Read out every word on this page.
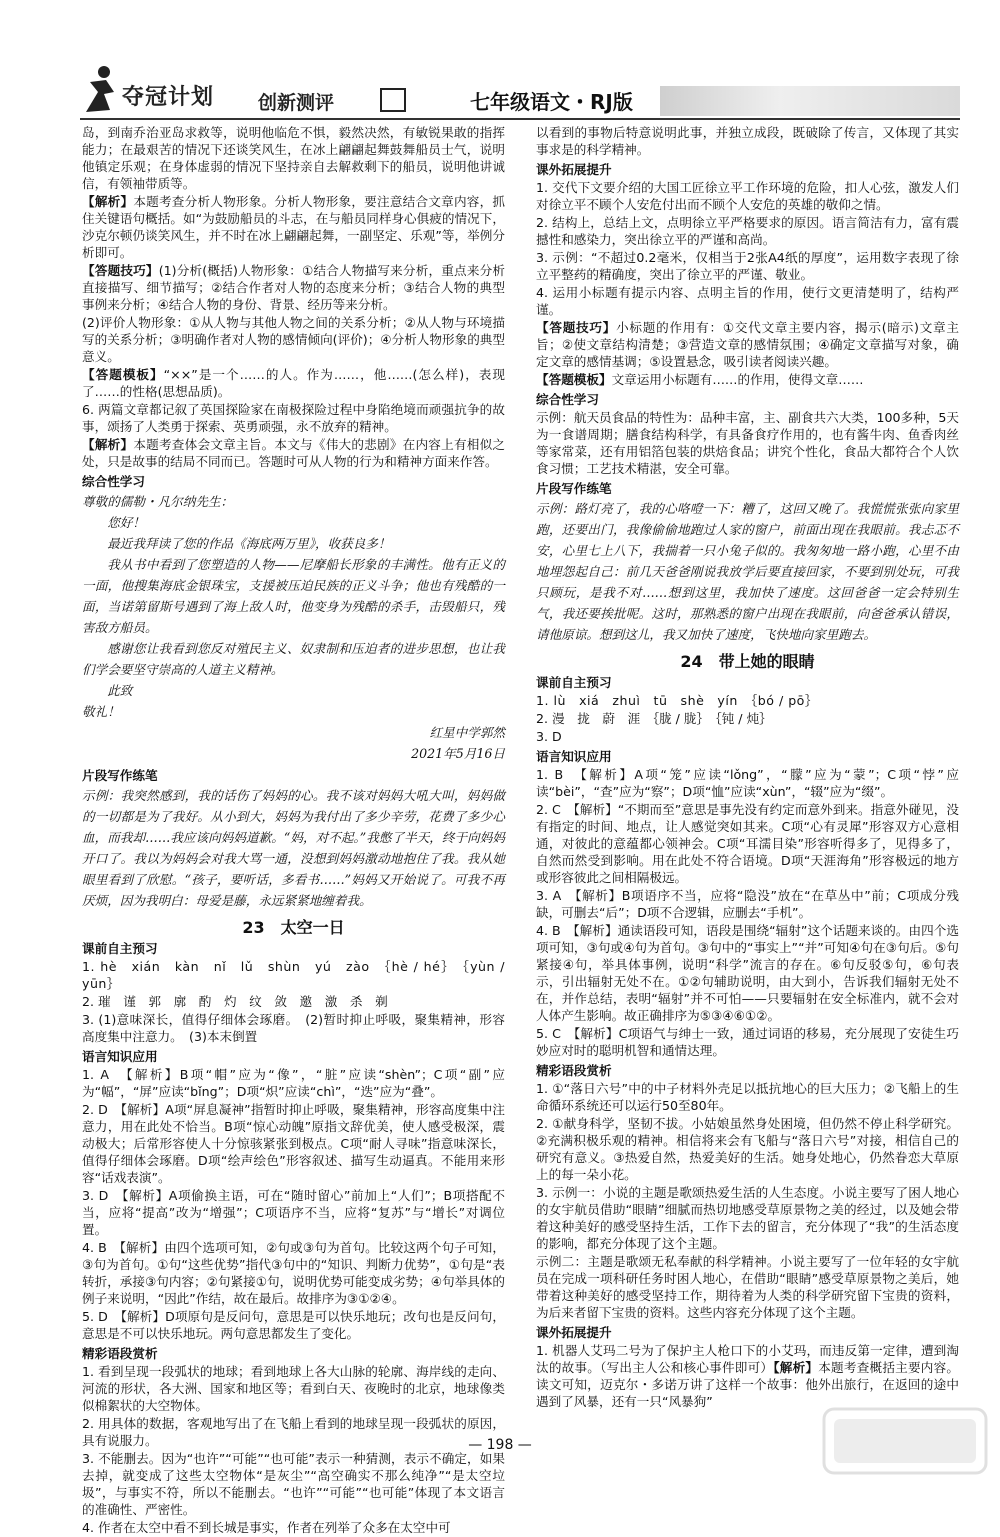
夺冠计划 创新测评	七年级语文・RJ版

岛，到南乔治亚岛求救等，说明他临危不惧，毅然决然，有敏锐果敢的指挥能力；在最艰苦的情况下还谈笑风生，在冰上翩翩起舞鼓舞船员士气，说明他镇定乐观；在身体虚弱的情况下坚持亲自去解救剩下的船员，说明他讲诚信，有领袖带质等。

【解析】本题考查分析人物形象。分析人物形象，要注意结合文章内容，抓住关键语句概括。如“为鼓励船员的斗志，在与船员同样身心俱疲的情况下，沙克尔顿仍谈笑风生，并不时在冰上翩翩起舞，一副坚定、乐观”等，举例分析即可。

【答题技巧】(1)分析(概括)人物形象：①结合人物描写来分析，重点来分析直接描写、细节描写；②结合作者对人物的态度来分析；③结合人物的典型事例来分析；④结合人物的身份、背景、经历等来分析。

(2)评价人物形象：①从人物与其他人物之间的关系分析；②从人物与环境描写的关系分析；③明确作者对人物的感情倾向(评价)；④分析人物形象的典型意义。

【答题模板】“××”是一个……的人。作为……，他……(怎么样)，表现了……的性格(思想品质)。

6. 两篇文章都记叙了英国探险家在南极探险过程中身陷绝境而顽强抗争的故事，颂扬了人类勇于探索、英勇顽强，永不放弃的精神。

【解析】本题考查体会文章主旨。本文与《伟大的悲剧》在内容上有相似之处，只是故事的结局不同而已。答题时可从人物的行为和精神方面来作答。

综合性学习

尊敬的儒勒・凡尔纳先生：

您好！

最近我拜读了您的作品《海底两万里》，收获良多！

我从书中看到了您塑造的人物——尼摩船长形象的丰满性。他有正义的一面，他搜集海底金银珠宝，支援被压迫民族的正义斗争；他也有残酷的一面，当诺第留斯号遇到了海上敌人时，他变身为残酷的杀手，击毁船只，残害敌方船员。

感谢您让我看到您反对殖民主义、奴隶制和压迫者的进步思想，也让我们学会要坚守崇高的人道主义精神。

此致

敬礼！

红星中学郭然

2021年5月16日

片段写作练笔

示例：我突然感到，我的话伤了妈妈的心。我不该对妈妈大吼大叫，妈妈做的一切都是为了我好。从小到大，妈妈为我付出了多少辛劳，花费了多少心血，而我却……我应该向妈妈道歉。“妈，对不起。”我憋了半天，终于向妈妈开口了。我以为妈妈会对我大骂一通，没想到妈妈激动地抱住了我。我从她眼里看到了欣慰。“孩子，要听话，多看书……”妈妈又开始说了。可我不再厌烦，因为我明白：母爱是藤，永远紧紧地缠着我。

23　太空一日

课前自主预习

1. hè　xián　kàn　nǐ　lǔ　shùn　yú　zào　｛hè / hé｝　｛yùn / yūn｝

2. 璀　谨　郭　廓　酌　灼　纹　敛　邀　激　杀　剃

3. (1)意味深长，值得仔细体会琢磨。　(2)暂时抑止呼吸，聚集精神，形容高度集中注意力。　(3)本末倒置

语言知识应用

1. A　【解析】B项“帽”应为“像”，“脏”应读“shèn”；C项“副”应为“幅”，“屏”应读“bǐng”；D项“炽”应读“chì”，“迭”应为“叠”。

2. D　【解析】A项“屏息凝神”指暂时抑止呼吸，聚集精神，形容高度集中注意力，用在此处不恰当。B项“惊心动魄”原指文辞优美，使人感受极深，震动极大；后常形容使人十分惊骇紧张到极点。C项“耐人寻味”指意味深长，值得仔细体会琢磨。D项“绘声绘色”形容叙述、描写生动逼真。不能用来形容“话戏表演”。

3. D　【解析】A项偷换主语，可在“随时留心”前加上“人们”；B项搭配不当，应将“提高”改为“增强”；C项语序不当，应将“复苏”与“增长”对调位置。

4. B　【解析】由四个选项可知，②句或③句为首句。比较这两个句子可知，③句为首句。①句“这些优势”指代③句中的“知识、判断力优势”，①句是“表转折，承接③句内容；②句紧接①句，说明优势可能变成劣势；④句举具体的例子来说明，“因此”作结，故在最后。故排序为③①②④。

5. D　【解析】D项原句是反问句，意思是可以快乐地玩；改句也是反问句，意思是不可以快乐地玩。两句意思都发生了变化。

精彩语段赏析

1. 看到呈现一段弧状的地球；看到地球上各大山脉的轮廓、海岸线的走向、河流的形状，各大洲、国家和地区等；看到白天、夜晚时的北京，地球像类似棉絮状的大空物体。

2. 用具体的数据，客观地写出了在飞船上看到的地球呈现一段弧状的原因，具有说服力。

3. 不能删去。因为“也许”“可能”“也可能”表示一种猜测，表示不确定，如果去掉，就变成了这些太空物体“是灰尘”“高空确实不那么纯净”“是太空垃圾”，与事实不符，所以不能删去。“也许”“可能”“也可能”体现了本文语言的准确性、严密性。

4. 作者在太空中看不到长城是事实，作者在列举了众多在太空中可

以看到的事物后特意说明此事，并独立成段，既破除了传言，又体现了其实事求是的科学精神。

课外拓展提升

1. 交代下文要介绍的大国工匠徐立平工作环境的危险，扣人心弦，激发人们对徐立平不顾个人安危付出而不顾个人安危的英雄的敬仰之情。

2. 结构上，总结上文，点明徐立平严格要求的原因。语言简洁有力，富有震撼性和感染力，突出徐立平的严谨和高尚。

3. 示例：“不超过0.2毫米，仅相当于2张A4纸的厚度”，运用数字表现了徐立平整药的精确度，突出了徐立平的严谨、敬业。

4. 运用小标题有提示内容、点明主旨的作用，使行文更清楚明了，结构严谨。

【答题技巧】小标题的作用有：①交代文章主要内容，揭示(暗示)文章主旨；②使文章结构清楚；③营造文章的感情氛围；④确定文章描写对象，确定文章的感情基调；⑤设置悬念，吸引读者阅读兴趣。

【答题模板】文章运用小标题有……的作用，使得文章……

综合性学习

示例：航天员食品的特性为：品种丰富，主、副食共六大类，100多种，5天为一食谱周期；膳食结构科学，有具备食疗作用的，也有酱牛肉、鱼香肉丝等家常菜，还有用铝箔包装的烘焙食品；讲究个性化，食品大都符合个人饮食习惯；工艺技术精湛，安全可靠。

片段写作练笔

示例：路灯亮了，我的心咯噔一下：糟了，这回又晚了。我慌慌张张向家里跑，还要出门，我像偷偷地跑过人家的窗户，前面出现在我眼前。我忐忑不安，心里七上八下，我揣着一只小兔子似的。我匆匆地一路小跑，心里不由地埋怨起自己：前几天爸爸刚说我放学后要直接回家，不要到别处玩，可我只顾玩，是我不对……想到这里，我加快了速度。这回爸爸一定会特别生气，我还要挨批呢。这时，那熟悉的窗户出现在我眼前，向爸爸承认错误，请他原谅。想到这儿，我又加快了速度，飞快地向家里跑去。

24　带上她的眼睛

课前自主预习

1. lù　xiá　zhuì　tū　shè　yín　｛bó / pō｝

2. 漫　拢　蔚　涯　｛胧 / 胧｝　｛钝 / 炖｝

3. D

语言知识应用

1. B　【解析】A项“笼”应读“lǒng”，“朦”应为“蒙”；C项“悖”应读“bèi”，“查”应为“察”；D项“恤”应读“xùn”，“辍”应为“缀”。

2. C　【解析】“不期而至”意思是事先没有约定而意外到来。指意外碰见，没有指定的时间、地点，让人感觉突如其来。C项“心有灵犀”形容双方心意相通，对彼此的意蕴都心领神会。C项“耳濡目染”形容听得多了，见得多了，自然而然受到影响。用在此处不符合语境。D项“天涯海角”形容极远的地方或形容彼此之间相隔极远。

3. A　【解析】B项语序不当，应将“隐没”放在“在草丛中”前；C项成分残缺，可删去“后”；D项不合逻辑，应删去“手机”。

4. B　【解析】通读语段可知，语段是围绕“辐射”这个话题来谈的。由四个选项可知，③句或④句为首句。③句中的“事实上”“并”可知④句在③句后。⑤句紧接④句，举具体事例，说明“科学”流言的存在。⑥句反驳⑤句，⑥句表示，引出辐射无处不在。①②句辅助说明，由大到小，告诉我们辐射无处不在，并作总结，表明“辐射”并不可怕——只要辐射在安全标准内，就不会对人体产生影响。故正确排序为⑤③④⑥①②。

5. C　【解析】C项语气与绅士一致，通过词语的移易，充分展现了安徒生巧妙应对时的聪明机智和通情达理。

精彩语段赏析

1. ①“落日六号”中的中子材料外壳足以抵抗地心的巨大压力；②飞船上的生命循环系统还可以运行50至80年。

2. ①献身科学，坚韧不拔。小姑娘虽然身处困境，但仍然不停止科学研究。②充满积极乐观的精神。相信将来会有飞船与“落日六号”对接，相信自己的研究有意义。③热爱自然，热爱美好的生活。她身处地心，仍然眷恋大草原上的每一朵小花。

3. 示例一：小说的主题是歌颂热爱生活的人生态度。小说主要写了困人地心的女宇航员借助“眼睛”细腻而热切地感受草原景物之美的经过，以及她会带着这种美好的感受坚持生活，工作下去的留言，充分体现了“我”的生活态度的影响，都充分体现了这个主题。

示例二：主题是歌颂无私奉献的科学精神。小说主要写了一位年轻的女宇航员在完成一项科研任务时困人地心，在借助“眼睛”感受草原景物之美后，她带着这种美好的感受坚持工作，期待着为人类的科学研究留下宝贵的资料，为后来者留下宝贵的资料。这些内容充分体现了这个主题。

课外拓展提升

1. 机器人艾玛二号为了保护主人枪口下的小艾玛，而违反第一定律，遭到淘汰的故事。（写出主人公和核心事件即可）【解析】本题考查概括主要内容。读文可知，迈克尔・多诺万讲了这样一个故事：他外出旅行，在返回的途中遇到了风暴，还有一只“风暴狗”

— 198 —
